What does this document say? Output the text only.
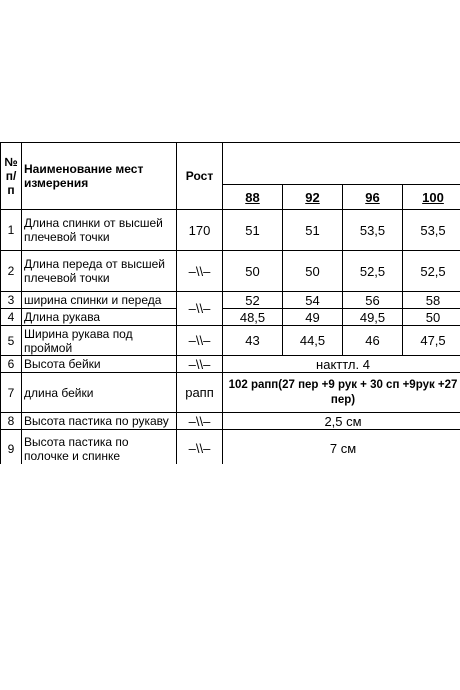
№ п/п	Наименование мест измерения	Рост				
			88	92	96	100
1	Длина спинки от высшей плечевой точки	170	51	51	53,5	53,5
2	Длина переда от высшей плечевой точки	–\\–	50	50	52,5	52,5
3	ширина спинки и переда	–\\–	52	54	56	58
4	Длина рукава		48,5	49	49,5	50
5	Ширина рукава под проймой	–\\–	43	44,5	46	47,5
6	Высота бейки	–\\–	накттл. 4			
7	длина бейки	рапп	102 рапп(27 пер +9 рук + 30 сп +9рук +27 пер)			
8	Высота пастика по рукаву	–\\–	2,5 см			
9	Высота пастика по полочке и спинке	–\\–	7 см			
